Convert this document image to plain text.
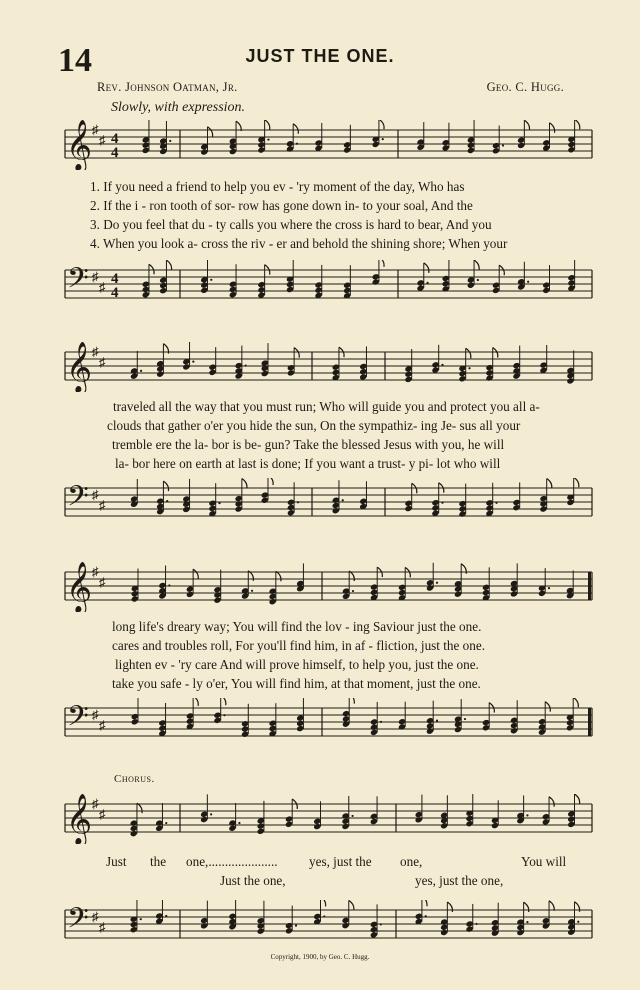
14	JUST THE ONE.
Rev. Johnson Oatman, Jr.	Geo. C. Hugg.
Slowly, with expression.
𝄞 ♯
♯ 4
4
1. If you need a friend to help you ev - 'ry moment of the day, Who has
2. If the i - ron tooth of sor- row has gone down in- to your soal, And the
3. Do you feel that du - ty calls you where the cross is hard to bear, And you
4. When you look a- cross the riv - er and behold the shining shore; When your
𝄢 ♯
♯ 4
4
𝄞 ♯
♯
traveled all the way that you must run; Who will guide you and protect you all a-
clouds that gather o'er you hide the sun, On the sympathiz- ing Je- sus all your
tremble ere the la- bor is be- gun? Take the blessed Jesus with you, he will
la- bor here on earth at last is done; If you want a trust- y pi- lot who will
𝄢 ♯
♯
𝄞 ♯
♯
long life's dreary way; You will find the lov - ing Saviour just the one.
cares and troubles roll, For you'll find him, in af - fliction, just the one.
lighten ev - 'ry care And will prove himself, to help you, just the one.
take you safe - ly o'er, You will find him, at that moment, just the one.
𝄢 ♯
♯
Chorus.
𝄞 ♯
♯
Just the one,..................... yes, just the one,	You will
Just the one,	yes, just the one,
𝄢 ♯
♯
Copyright, 1900, by Geo. C. Hugg.
